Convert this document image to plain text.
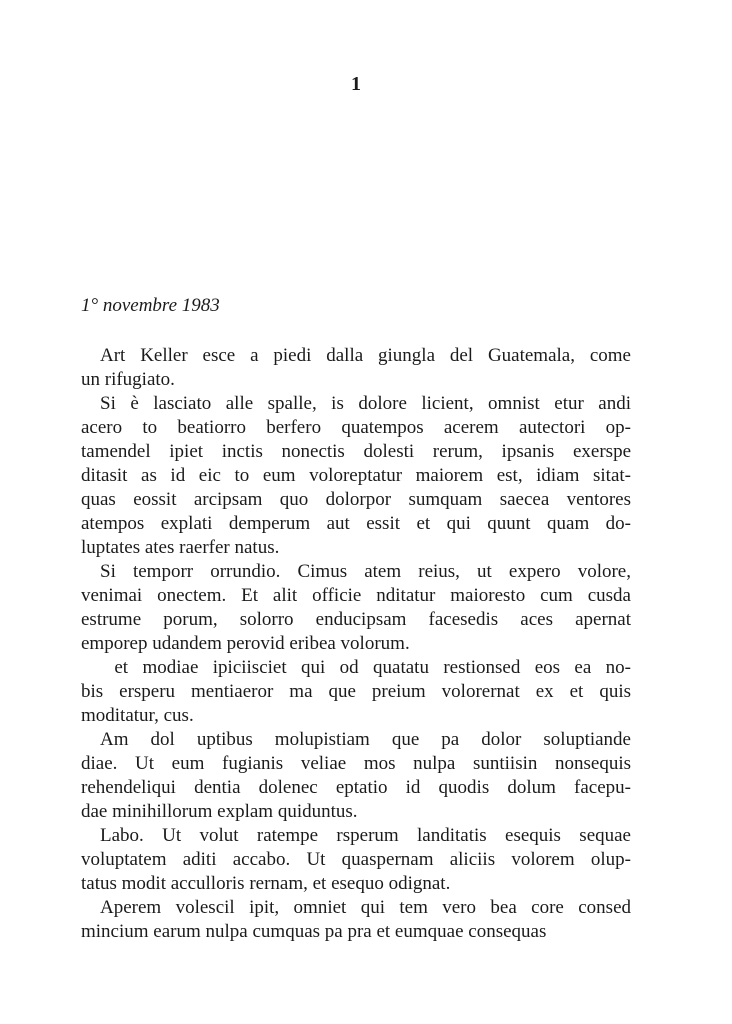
1
1° novembre 1983
Art Keller esce a piedi dalla giungla del Guatemala, come
un rifugiato.
Si è lasciato alle spalle, is dolore licient, omnist etur andi
acero to beatiorro berfero quatempos acerem autectori op-
tamendel ipiet inctis nonectis dolesti rerum, ipsanis exerspe
ditasit as id eic to eum voloreptatur maiorem est, idiam sitat-
quas eossit arcipsam quo dolorpor sumquam saecea ventores
atempos explati demperum aut essit et qui quunt quam do-
luptates ates raerfer natus.
Si temporr orrundio. Cimus atem reius, ut expero volore,
venimai onectem. Et alit officie nditatur maioresto cum cusda
estrume porum, solorro enducipsam facesedis aces apernat
emporep udandem perovid eribea volorum.
et modiae ipiciisciet qui od quatatu restionsed eos ea no-
bis ersperu mentiaeror ma que preium volorernat ex et quis
moditatur, cus.
Am dol uptibus molupistiam que pa dolor soluptiande
diae. Ut eum fugianis veliae mos nulpa suntiisin nonsequis
rehendeliqui dentia dolenec eptatio id quodis dolum facepu-
dae minihillorum explam quiduntus.
Labo. Ut volut ratempe rsperum landitatis esequis sequae
voluptatem aditi accabo. Ut quaspernam aliciis volorem olup-
tatus modit acculloris rernam, et esequo odignat.
Aperem volescil ipit, omniet qui tem vero bea core consed
mincium earum nulpa cumquas pa pra et eumquae consequas
